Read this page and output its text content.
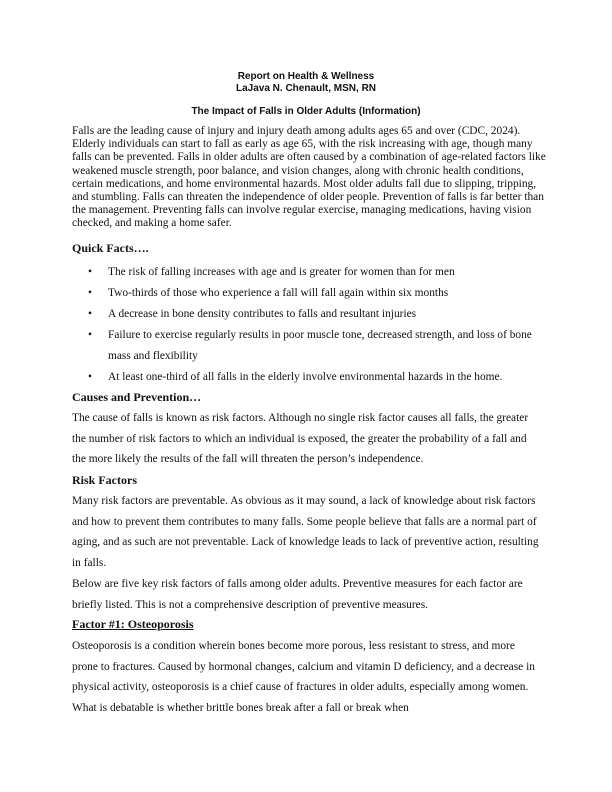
Report on Health & Wellness
LaJava N. Chenault, MSN, RN
The Impact of Falls in Older Adults (Information)

Falls are the leading cause of injury and injury death among adults ages 65 and over (CDC, 2024). Elderly individuals can start to fall as early as age 65, with the risk increasing with age, though many falls can be prevented. Falls in older adults are often caused by a combination of age-related factors like weakened muscle strength, poor balance, and vision changes, along with chronic health conditions, certain medications, and home environmental hazards. Most older adults fall due to slipping, tripping, and stumbling. Falls can threaten the independence of older people. Prevention of falls is far better than the management. Preventing falls can involve regular exercise, managing medications, having vision checked, and making a home safer.

Quick Facts….

• The risk of falling increases with age and is greater for women than for men
• Two-thirds of those who experience a fall will fall again within six months
• A decrease in bone density contributes to falls and resultant injuries
• Failure to exercise regularly results in poor muscle tone, decreased strength, and loss of bone mass and flexibility
• At least one-third of all falls in the elderly involve environmental hazards in the home.

Causes and Prevention…

The cause of falls is known as risk factors. Although no single risk factor causes all falls, the greater the number of risk factors to which an individual is exposed, the greater the probability of a fall and the more likely the results of the fall will threaten the person’s independence.

Risk Factors

Many risk factors are preventable. As obvious as it may sound, a lack of knowledge about risk factors and how to prevent them contributes to many falls. Some people believe that falls are a normal part of aging, and as such are not preventable. Lack of knowledge leads to lack of preventive action, resulting in falls.

Below are five key risk factors of falls among older adults. Preventive measures for each factor are briefly listed. This is not a comprehensive description of preventive measures.

Factor #1: Osteoporosis

Osteoporosis is a condition wherein bones become more porous, less resistant to stress, and more prone to fractures. Caused by hormonal changes, calcium and vitamin D deficiency, and a decrease in physical activity, osteoporosis is a chief cause of fractures in older adults, especially among women. What is debatable is whether brittle bones break after a fall or break when
